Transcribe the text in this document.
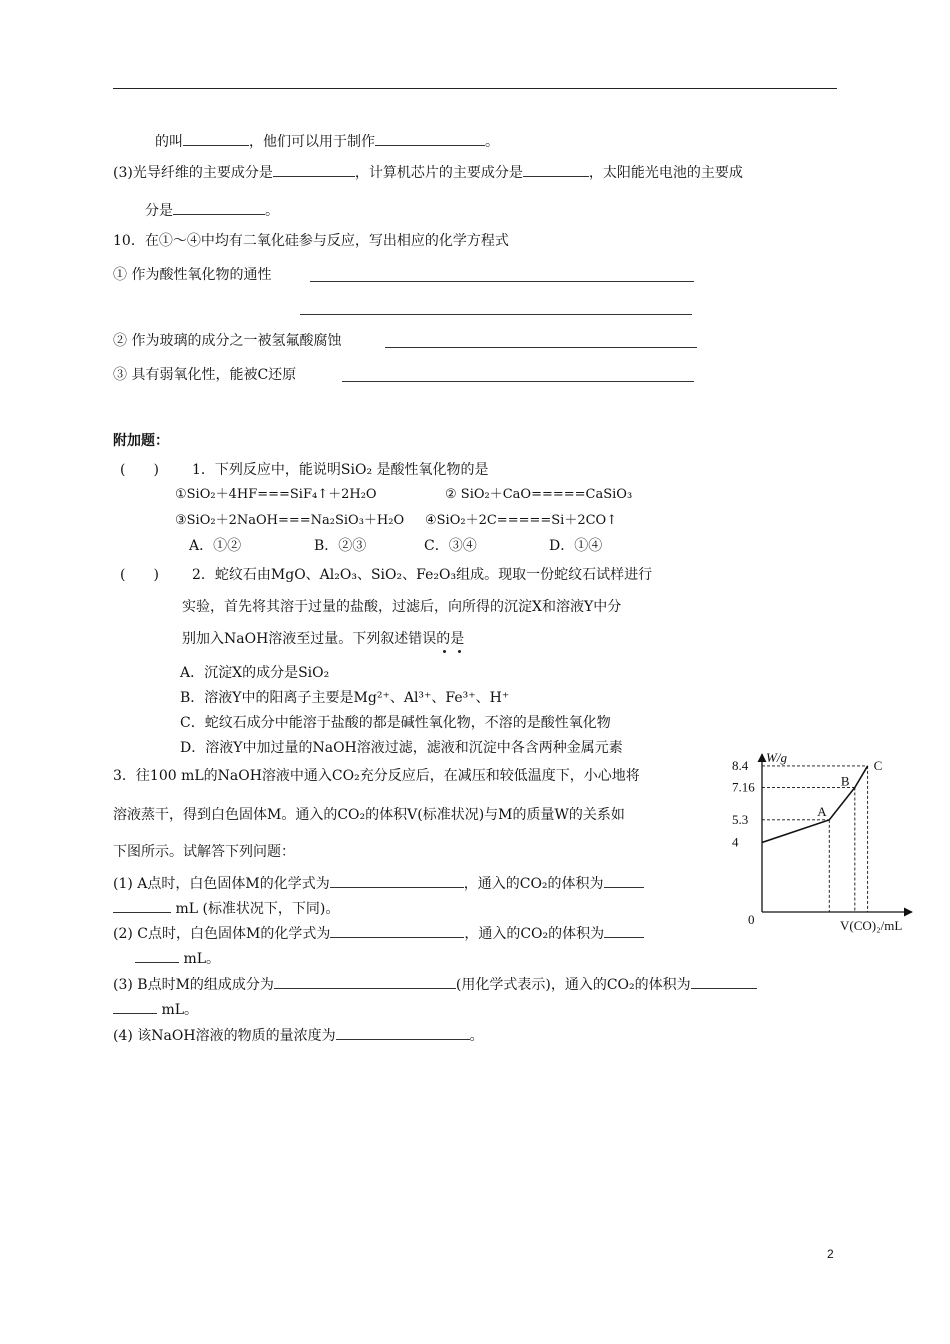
的叫	，他们可以用于制作	。
(3)光导纤维的主要成分是	，计算机芯片的主要成分是	，太阳能光电池的主要成
分是	。
10．在①～④中均有二氧化硅参与反应，写出相应的化学方程式
① 作为酸性氧化物的通性
② 作为玻璃的成分之一被氢氟酸腐蚀
③ 具有弱氧化性，能被C还原
附加题：
(　　) 1．下列反应中，能说明SiO₂ 是酸性氧化物的是
①SiO₂＋4HF===SiF₄↑＋2H₂O	② SiO₂＋CaO=====CaSiO₃
③SiO₂＋2NaOH===Na₂SiO₃＋H₂O ④SiO₂＋2C=====Si＋2CO↑
A．①②	B．②③	C．③④	D．①④
(　　) 2．蛇纹石由MgO、Al₂O₃、SiO₂、Fe₂O₃组成。现取一份蛇纹石试样进行
实验，首先将其溶于过量的盐酸，过滤后，向所得的沉淀X和溶液Y中分
别加入NaOH溶液至过量。下列叙述错误的是
A．沉淀X的成分是SiO₂
B．溶液Y中的阳离子主要是Mg²⁺、Al³⁺、Fe³⁺、H⁺
C．蛇纹石成分中能溶于盐酸的都是碱性氧化物，不溶的是酸性氧化物
D．溶液Y中加过量的NaOH溶液过滤，滤液和沉淀中各含两种金属元素
3．往100 mL的NaOH溶液中通入CO₂充分反应后，在减压和较低温度下，小心地将
溶液蒸干，得到白色固体M。通入的CO₂的体积V(标准状况)与M的质量W的关系如
下图所示。试解答下列问题：
(1) A点时，白色固体M的化学式为	，通入的CO₂的体积为
mL (标准状况下，下同)。
(2) C点时，白色固体M的化学式为	，通入的CO₂的体积为
mL。
(3) B点时M的组成成分为	(用化学式表示)，通入的CO₂的体积为
mL。
(4) 该NaOH溶液的物质的量浓度为	。
W/g
V(CO)₂/mL
0
8.4
7.16
5.3
4
A
B
C
2
